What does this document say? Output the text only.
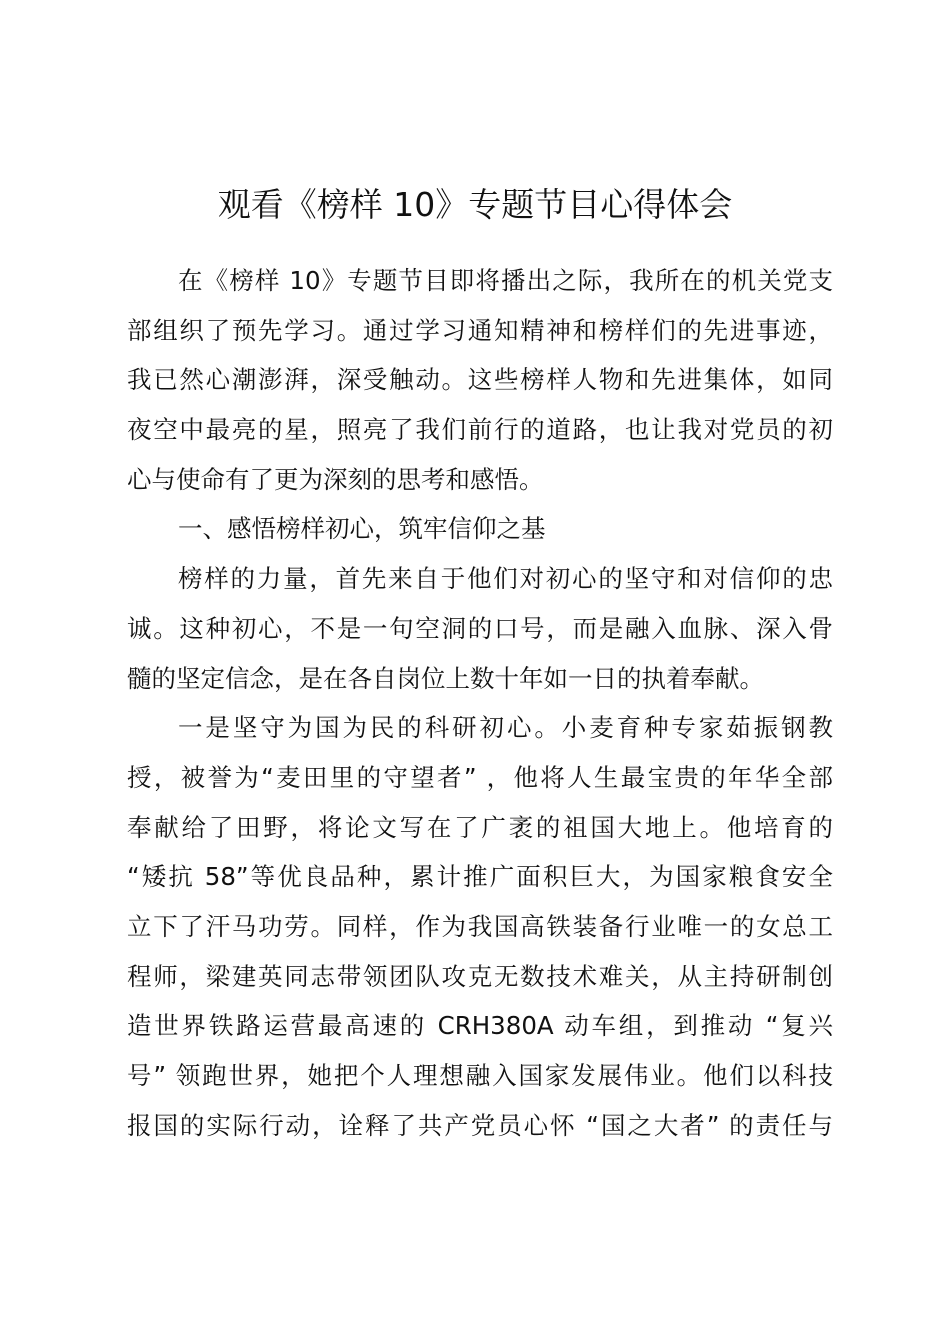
观看《榜样 10》专题节目心得体会
在《榜样 10》专题节目即将播出之际，我所在的机关党支
部组织了预先学习。通过学习通知精神和榜样们的先进事迹，
我已然心潮澎湃，深受触动。这些榜样人物和先进集体，如同
夜空中最亮的星，照亮了我们前行的道路，也让我对党员的初
心与使命有了更为深刻的思考和感悟。
一、感悟榜样初心，筑牢信仰之基
榜样的力量，首先来自于他们对初心的坚守和对信仰的忠
诚。这种初心，不是一句空洞的口号，而是融入血脉、深入骨
髓的坚定信念，是在各自岗位上数十年如一日的执着奉献。
一是坚守为国为民的科研初心。小麦育种专家茹振钢教
授，被誉为“麦田里的守望者” ，他将人生最宝贵的年华全部
奉献给了田野，将论文写在了广袤的祖国大地上。他培育的
“矮抗 58”等优良品种，累计推广面积巨大，为国家粮食安全
立下了汗马功劳。同样，作为我国高铁装备行业唯一的女总工
程师，梁建英同志带领团队攻克无数技术难关，从主持研制创
造世界铁路运营最高速的 CRH380A 动车组，到推动 “复兴
号” 领跑世界，她把个人理想融入国家发展伟业。他们以科技
报国的实际行动，诠释了共产党员心怀 “国之大者” 的责任与
